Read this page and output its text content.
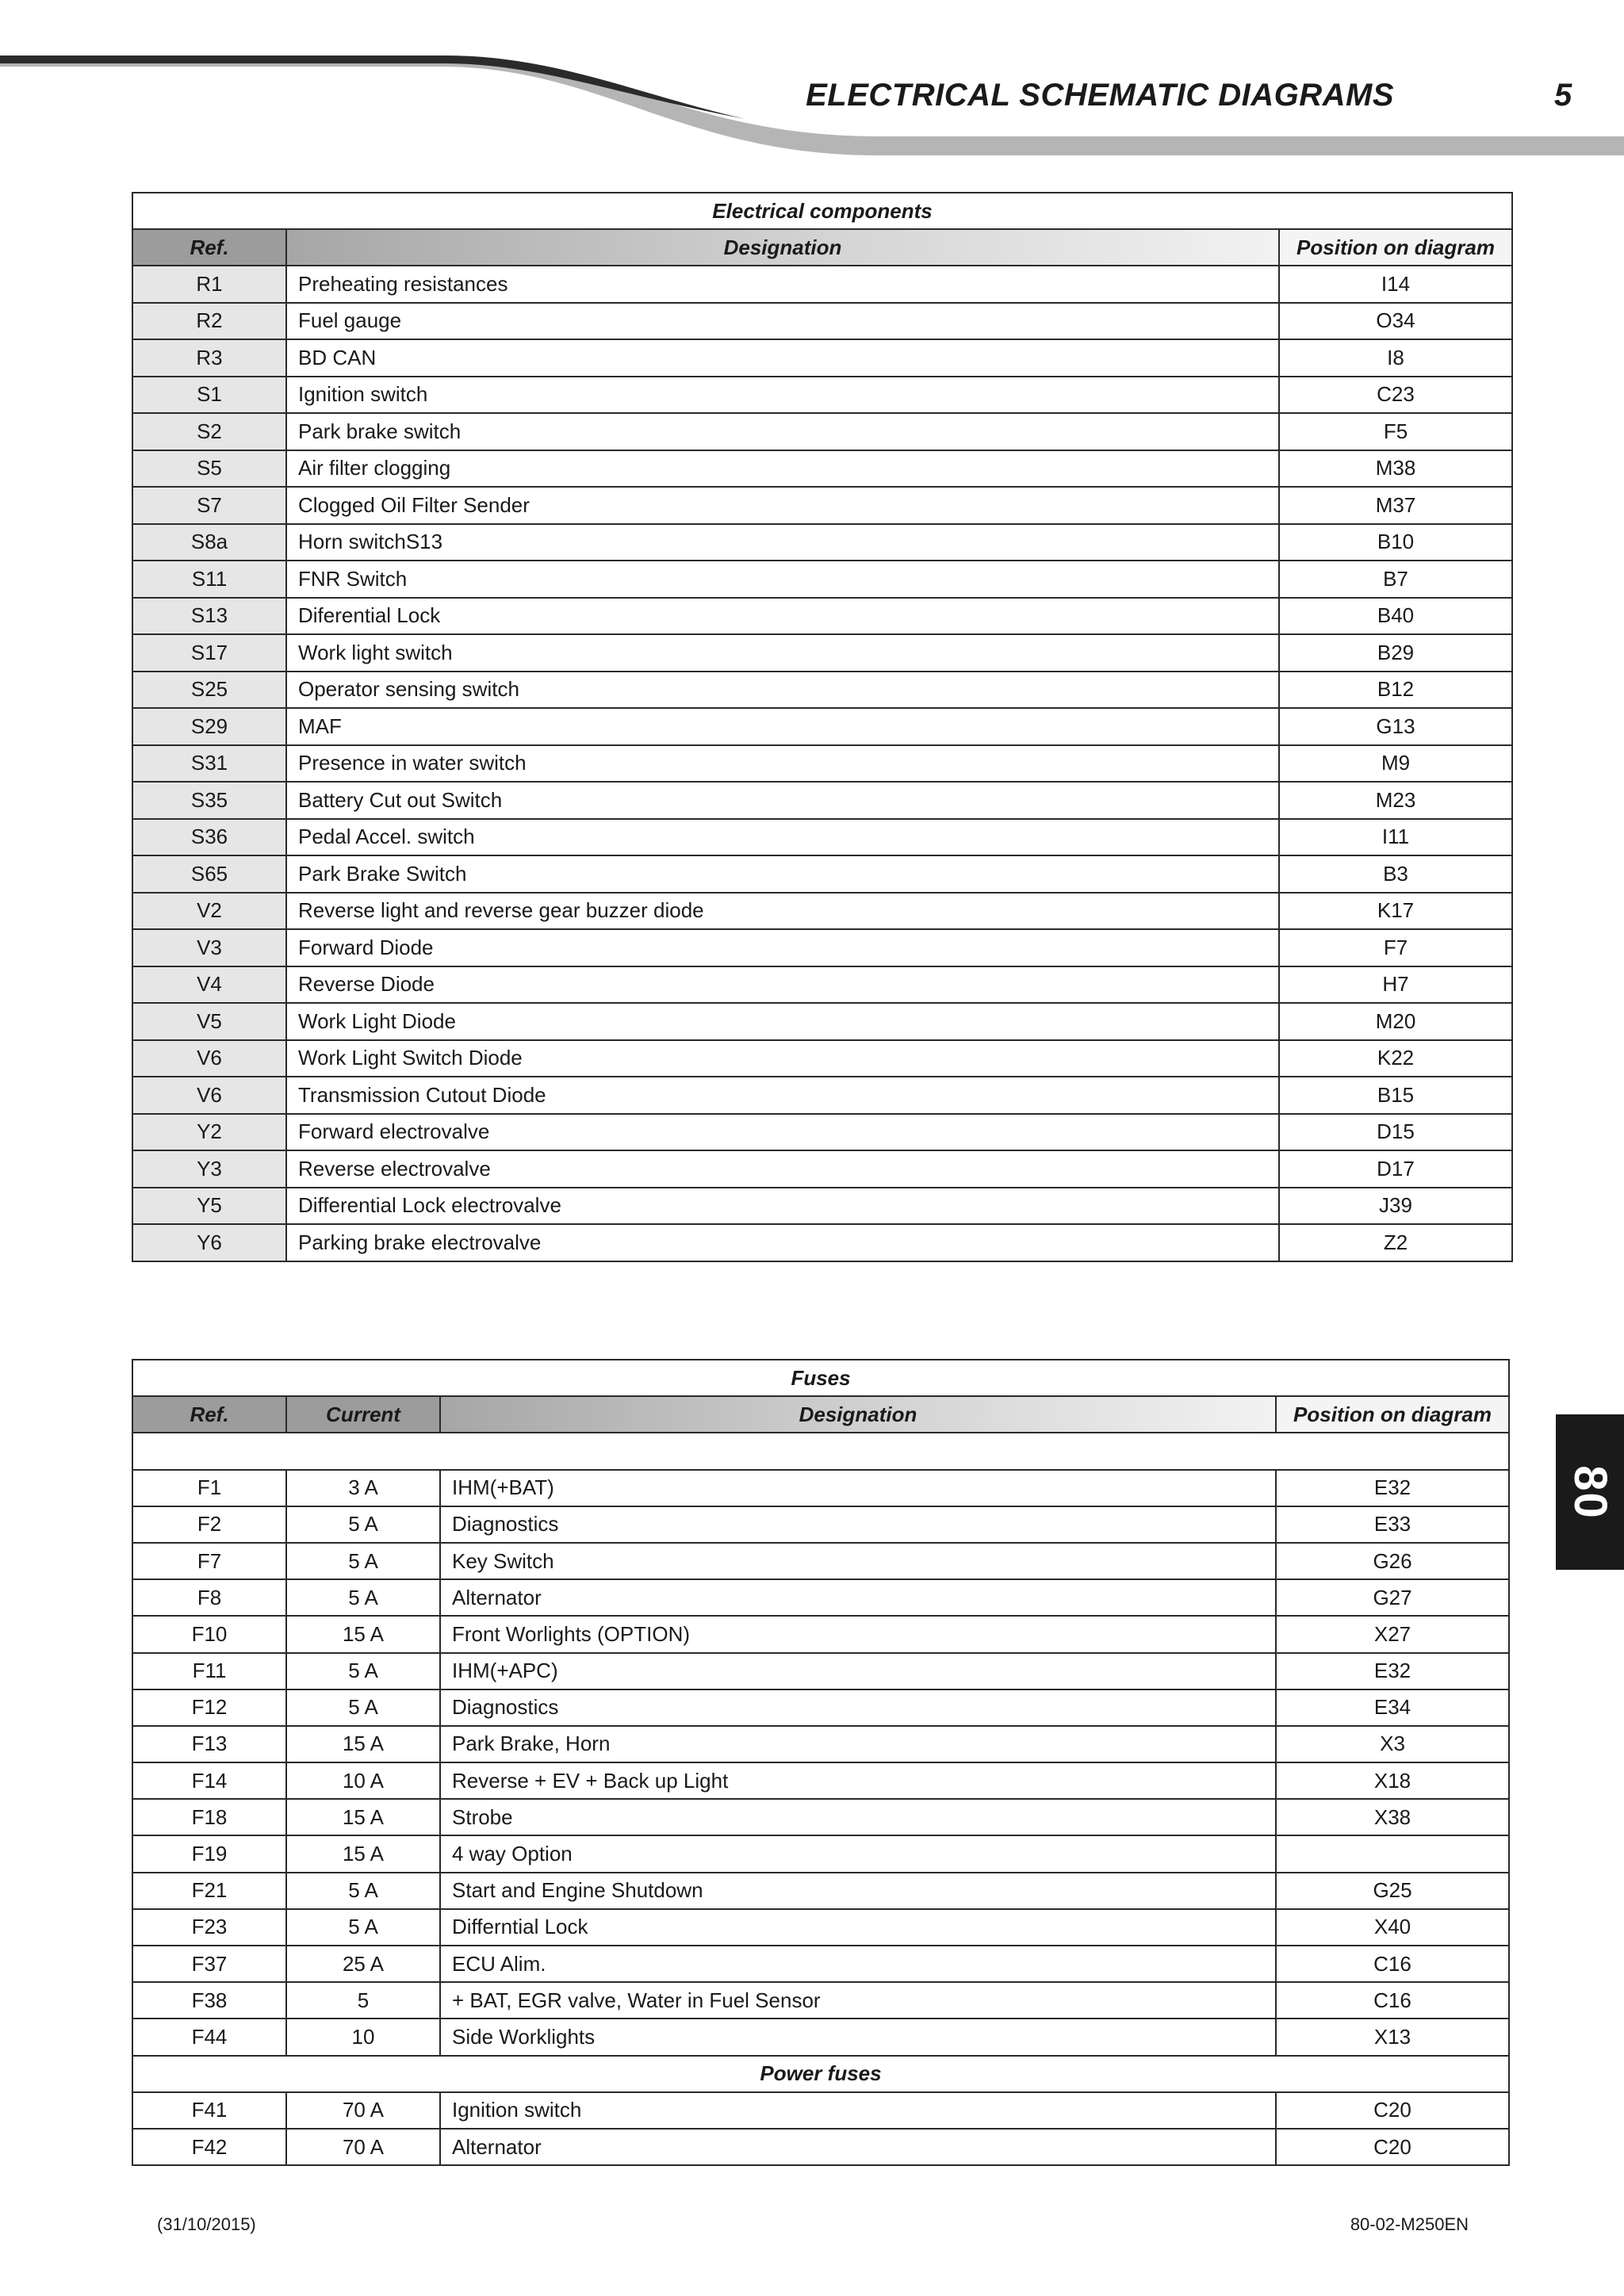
ELECTRICAL SCHEMATIC DIAGRAMS	5
Electrical components		
Ref.	Designation	Position on diagram
R1	Preheating resistances	I14
R2	Fuel gauge	O34
R3	BD CAN	I8
S1	Ignition switch	C23
S2	Park brake switch	F5
S5	Air filter clogging	M38
S7	Clogged Oil Filter Sender	M37
S8a	Horn switchS13	B10
S11	FNR Switch	B7
S13	Diferential Lock	B40
S17	Work light switch	B29
S25	Operator sensing switch	B12
S29	MAF	G13
S31	Presence in water switch	M9
S35	Battery Cut out Switch	M23
S36	Pedal Accel. switch	I11
S65	Park Brake Switch	B3
V2	Reverse light and reverse gear buzzer diode	K17
V3	Forward Diode	F7
V4	Reverse Diode	H7
V5	Work Light Diode	M20
V6	Work Light Switch Diode	K22
V6	Transmission Cutout Diode	B15
Y2	Forward electrovalve	D15
Y3	Reverse electrovalve	D17
Y5	Differential Lock electrovalve	J39
Y6	Parking brake electrovalve	Z2
Fuses			
Ref.	Current	Designation	Position on diagram

F1	3 A	IHM(+BAT)	E32
F2	5 A	Diagnostics	E33
F7	5 A	Key Switch	G26
F8	5 A	Alternator	G27
F10	15 A	Front Worlights (OPTION)	X27
F11	5 A	IHM(+APC)	E32
F12	5 A	Diagnostics	E34
F13	15 A	Park Brake, Horn	X3
F14	10 A	Reverse + EV + Back up Light	X18
F18	15 A	Strobe	X38
F19	15 A	4 way Option	
F21	5 A	Start and Engine Shutdown	G25
F23	5 A	Differntial Lock	X40
F37	25 A	ECU Alim.	C16
F38	5	+ BAT, EGR valve, Water in Fuel Sensor	C16
F44	10	Side Worklights	X13
Power fuses			
F41	70 A	Ignition switch	C20
F42	70 A	Alternator	C20
80
(31/10/2015)	80-02-M250EN
